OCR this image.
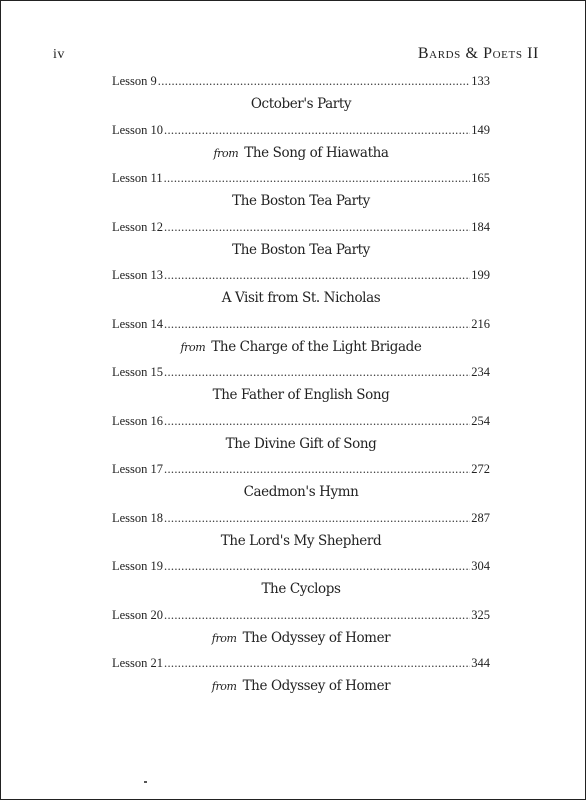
iv	Bards & Poets II
Lesson 9 .....	133
October's Party
Lesson 10 .....	149
from The Song of Hiawatha
Lesson 11 .....	165
The Boston Tea Party
Lesson 12 .....	184
The Boston Tea Party
Lesson 13 .....	199
A Visit from St. Nicholas
Lesson 14 .....	216
from The Charge of the Light Brigade
Lesson 15 .....	234
The Father of English Song
Lesson 16 .....	254
The Divine Gift of Song
Lesson 17 .....	272
Caedmon's Hymn
Lesson 18 .....	287
The Lord's My Shepherd
Lesson 19 .....	304
The Cyclops
Lesson 20 .....	325
from The Odyssey of Homer
Lesson 21 .....	344
from The Odyssey of Homer
